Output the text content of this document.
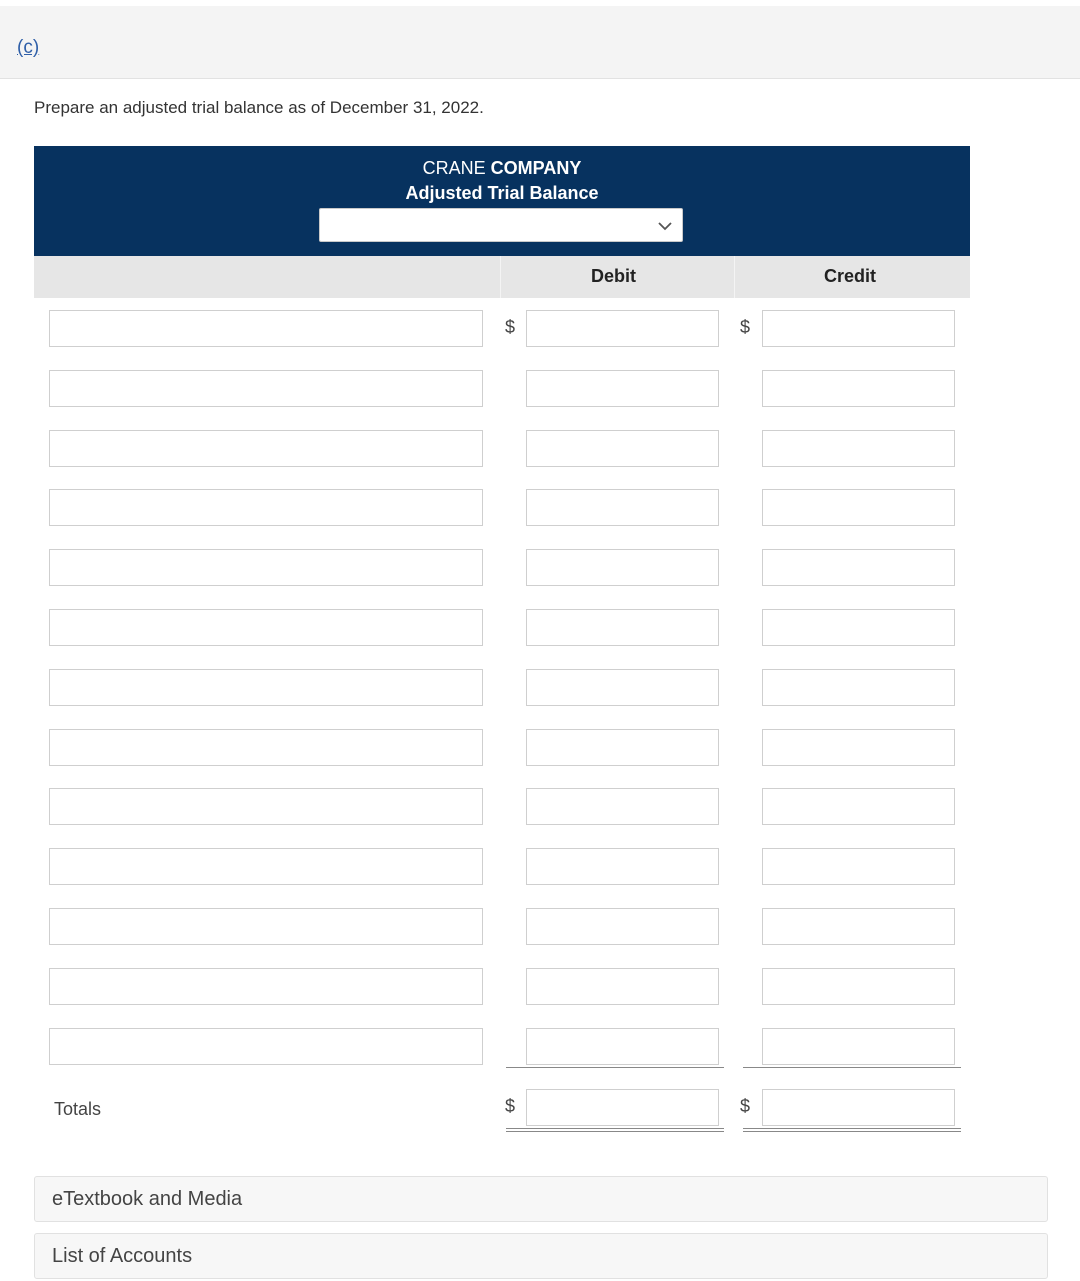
(c)
Prepare an adjusted trial balance as of December 31, 2022.
CRANE COMPANY
Adjusted Trial Balance
Debit	Credit
$	$
Totals	$	$
eTextbook and Media
List of Accounts
